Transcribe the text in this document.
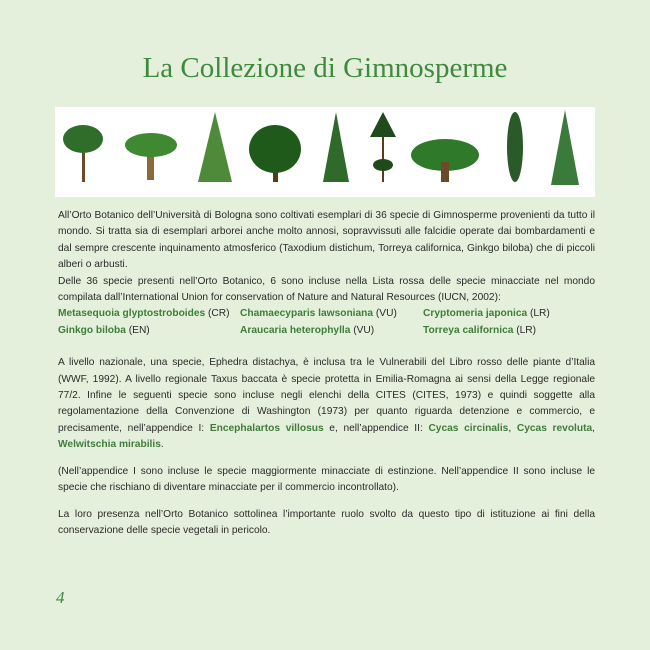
La Collezione di Gimnosperme

All’Orto Botanico dell’Università di Bologna sono coltivati esemplari di 36 specie di Gimnosperme provenienti da tutto il mondo. Si tratta sia di esemplari arborei anche molto annosi, sopravvissuti alle falcidie operate dai bombardamenti e dal sempre crescente inquinamento atmosferico (Taxodium distichum, Torreya californica, Ginkgo biloba) che di piccoli alberi o arbusti.

Delle 36 specie presenti nell’Orto Botanico, 6 sono incluse nella Lista rossa delle specie minacciate nel mondo compilata dall’International Union for conservation of Nature and Natural Resources (IUCN, 2002):

Metasequoia glyptostroboides (CR)	Chamaecyparis lawsoniana (VU)	Cryptomeria japonica (LR)
Ginkgo biloba (EN)	Araucaria heterophylla (VU)	Torreya californica (LR)

A livello nazionale, una specie, Ephedra distachya, è inclusa tra le Vulnerabili del Libro rosso delle piante d’Italia (WWF, 1992). A livello regionale Taxus baccata è specie protetta in Emilia-Romagna ai sensi della Legge regionale 77/2. Infine le seguenti specie sono incluse negli elenchi della CITES (CITES, 1973) e quindi soggette alla regolamentazione della Convenzione di Washington (1973) per quanto riguarda detenzione e commercio, e precisamente, nell’appendice I: Encephalartos villosus e, nell’appendice II: Cycas circinalis, Cycas revoluta, Welwitschia mirabilis.

(Nell’appendice I sono incluse le specie maggiormente minacciate di estinzione. Nell’appendice II sono incluse le specie che rischiano di diventare minacciate per il commercio incontrollato).

La loro presenza nell’Orto Botanico sottolinea l’importante ruolo svolto da questo tipo di istituzione ai fini della conservazione delle specie vegetali in pericolo.

4
